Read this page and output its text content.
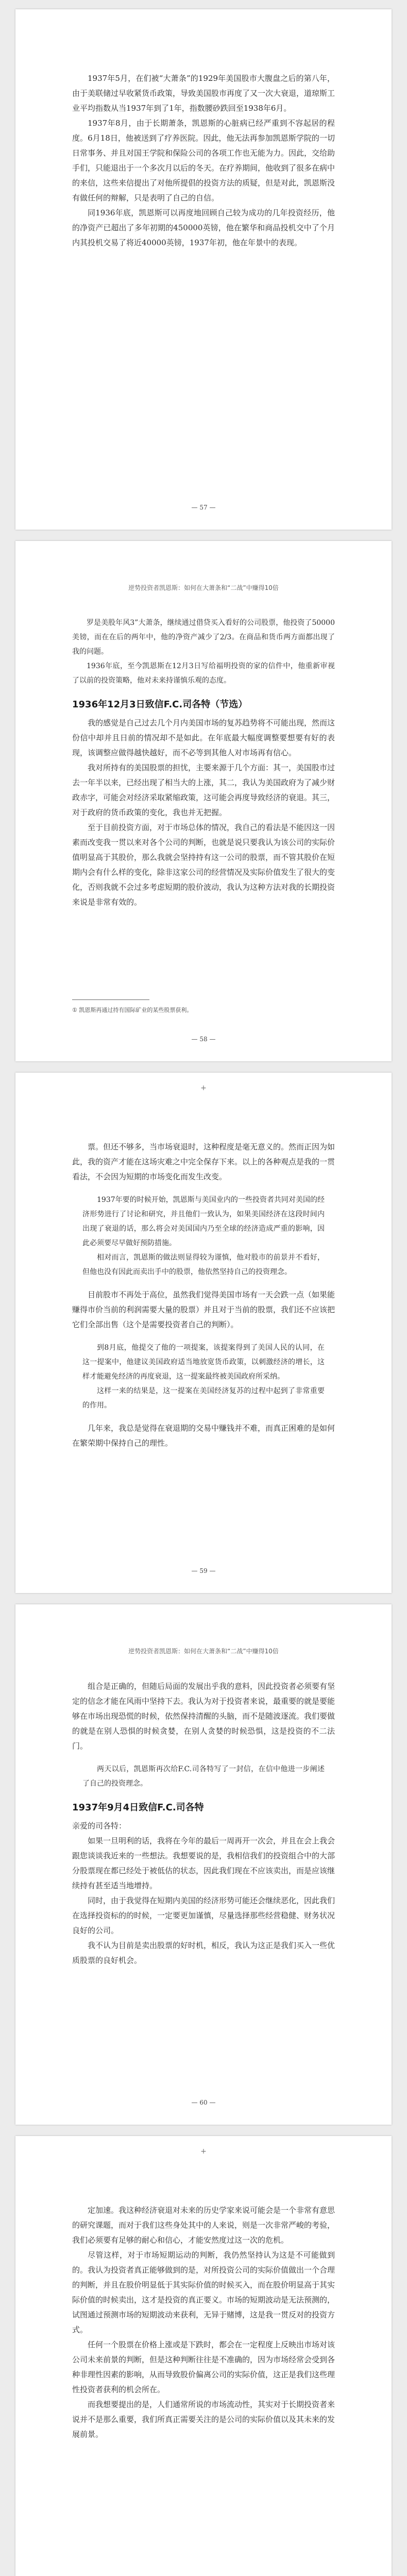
1937年5月，在们被“大萧条”的1929年美国股市大腹盘之后的第八年，由于美联储过早收紧货币政策，导致美国股市再度了又一次大衰退，道琼斯工业平均指数从当1937年到了1年，指数腰砂跌回至1938年6月。

1937年8月，由于长期萧条，凯恩斯的心脏病已经严重到不容起居的程度。6月18日，他被送到了疗养医院。因此，他无法再参加凯恩斯学院的一切日常事务、并且对国王学院和保险公司的各项工作也无能为力。因此，交给助手们，只能退出于一个多次月以后的冬天。在疗养期间，他收到了很多在病中的来信，这些来信提出了对他所提倡的投资方法的质疑，但是对此，凯恩斯没有做任何的辩解，只是表明了自己的自信。

同1936年底，凯恩斯可以再度地回顾自己较为成功的几年投资经历，他的净资产已超出了多年初期的450000英镑，他在繁华和商品投机交中了个月内其投机交易了将近40000英镑，1937年初，他在年景中的表现。

— 57 —
逆势投资者凯恩斯：如何在大萧条和“二战”中赚得10倍

罗是美股年风3”大萧条，继续通过借贷买入看好的公司股票，他投资了50000美镑，而在在后的两年中，他的净资产减少了2/3。在商品和货币两方面都出现了我的问题。

1936年底，至今凯恩斯在12月3日写给福明投资的家的信件中，他重新审视了以前的投资策略，他对未来持谨慎乐观的态度。

1936年12月3日致信F.C.司各特（节选）

我的感觉是自己过去几个月内美国市场的复苏趋势将不可能出现，然而这份信中却并且日前的情况却不是如此。在年底最大幅度调整要想要有好的表现，该调整应做得越快越好，而不必等到其他人对市场再有信心。

我对所持有的美国股票的担忧，主要来源于几个方面：其一，美国股市过去一年半以来，已经出现了相当大的上涨，其二，我认为美国政府为了减少财政赤字，可能会对经济采取紧缩政策，这可能会再度导致经济的衰退。其三，对于政府的货币政策的变化，我也并无把握。

至于目前投资方面，对于市场总体的情况，我自己的看法是不能因这一因素而改变我一贯以来对各个公司的判断，也就是说只要我认为该公司的实际价值明显高于其股价，那么我就会坚持持有这一公司的股票，而不管其股价在短期内会有什么样的变化，除非这家公司的经营情况及实际价值发生了很大的变化，否则我就不会过多考虑短期的股价波动，我认为这种方法对我的长期投资来说是非常有效的。

① 凯恩斯再通过持有国际矿业的某些股票获利。
— 58 —
+

票。但还不够多，当市场衰退时，这种程度是毫无意义的。然而正因为如此，我的资产才能在这场灾难之中完全保存下来。以上的各种观点是我的一贯看法，不会因为短期的市场变化而发生改变。

1937年要的时候开始，凯恩斯与美国业内的一些投资者共同对美国的经济形势进行了讨论和研究，并且他们一致认为，如果美国经济在这段时间内出现了衰退的话，那么将会对美国国内乃至全球的经济造成严重的影响，因此必须要尽早做好预防措施。

相对而言，凯恩斯的做法则显得较为谨慎，他对股市的前景并不看好，但他也没有因此而卖出手中的股票，他依然坚持自己的投资理念。

目前股市不再处于高位，虽然我们觉得美国市场有一天会跌一点（如果能赚得市价当前的利润需要大量的股票）并且对于当前的股票，我们还不应该把它们全部出售（这个是需要投资者自己的判断）。

到8月底，他提交了他的一项提案，该提案得到了美国人民的认同，在这一提案中，他建议美国政府适当地放宽货币政策，以刺激经济的增长，这样才能避免经济的再度衰退，这一提案最终被美国政府所采纳。

这样一来的结果是，这一提案在美国经济复苏的过程中起到了非常重要的作用。

几年来，我总是觉得在衰退期的交易中赚钱并不难，而真正困难的是如何在繁荣期中保持自己的理性。

— 59 —
逆势投资者凯恩斯：如何在大萧条和“二战”中赚得10倍

组合是正确的，但随后局面的发展出乎我的意料，因此投资者必须要有坚定的信念才能在风雨中坚持下去。我认为对于投资者来说，最重要的就是要能够在市场出现恐慌的时候，依然保持清醒的头脑，而不是随波逐流。我们要做的就是在别人恐惧的时候贪婪，在别人贪婪的时候恐惧，这是投资的不二法门。

两天以后，凯恩斯再次给F.C.司各特写了一封信，在信中他进一步阐述了自己的投资理念。

1937年9月4日致信F.C.司各特
亲爱的司各特：

如果一旦明利的话，我将在今年的最后一周再开一次会，并且在会上我会跟您谈谈我近来的一些想法。我想要说的是，我相信我们的投资组合中的大部分股票现在都已经处于被低估的状态，因此我们现在不应该卖出，而是应该继续持有甚至适当地增持。

同时，由于我觉得在短期内美国的经济形势可能还会继续恶化，因此我们在选择投资标的的时候，一定要更加谨慎，尽量选择那些经营稳健、财务状况良好的公司。

我不认为目前是卖出股票的好时机，相反，我认为这正是我们买入一些优质股票的良好机会。

— 60 —
+

定加速。我这种经济衰退对未来的历史学家来说可能会是一个非常有意思的研究课题，而对于我们这些身处其中的人来说，则是一次非常严峻的考验，我们必须要有足够的耐心和信心，才能安然度过这一次的危机。

尽管这样，对于市场短期运动的判断，我仍然坚持认为这是不可能做到的。我认为投资者真正能够做到的是，对所投资公司的实际价值做出一个合理的判断，并且在股价明显低于其实际价值的时候买入，而在股价明显高于其实际价值的时候卖出，这才是投资的真正要义。市场的短期波动是无法预测的，试图通过预测市场的短期波动来获利，无异于赌博，这是我一贯反对的投资方式。

任何一个股票在价格上涨或是下跌时，都会在一定程度上反映出市场对该公司未来前景的判断，但是这种判断往往是不准确的，因为市场经常会受到各种非理性因素的影响，从而导致股价偏离公司的实际价值，这正是我们这些理性投资者获利的机会所在。

而我想要提出的是，人们通常所说的市场流动性，其实对于长期投资者来说并不是那么重要，我们所真正需要关注的是公司的实际价值以及其未来的发展前景。
